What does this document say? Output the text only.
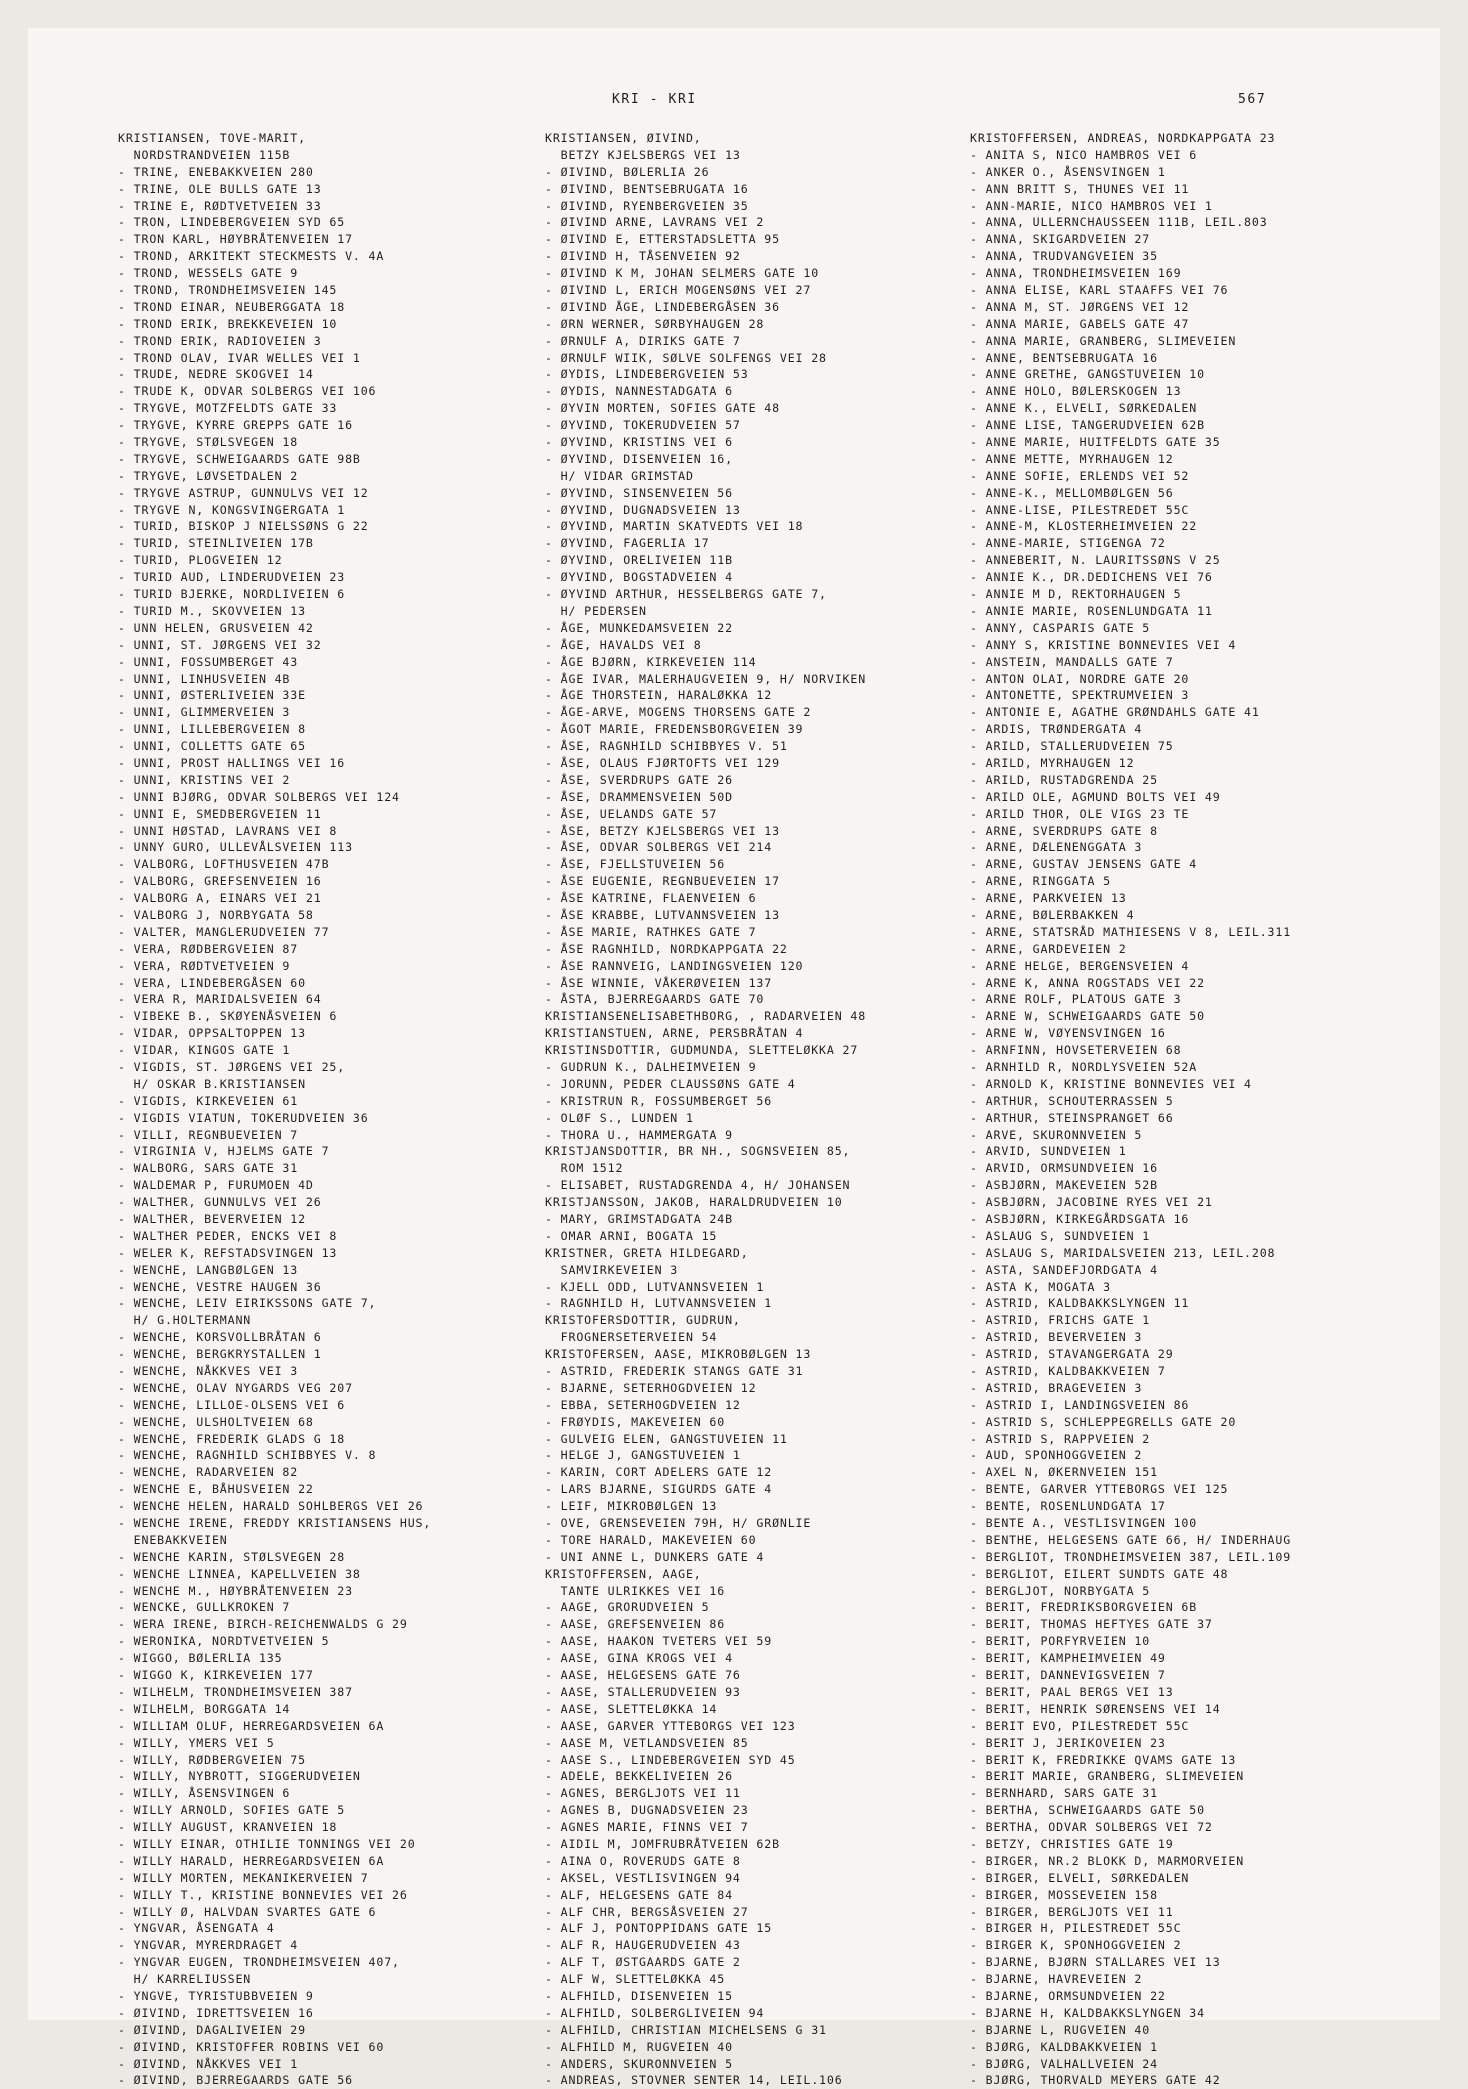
KRI - KRI	567
KRISTIANSEN, TOVE-MARIT,
NORDSTRANDVEIEN 115B
- TRINE, ENEBAKKVEIEN 280
- TRINE, OLE BULLS GATE 13
- TRINE E, RØDTVETVEIEN 33
- TRON, LINDEBERGVEIEN SYD 65
- TRON KARL, HØYBRÅTENVEIEN 17
- TROND, ARKITEKT STECKMESTS V. 4A
- TROND, WESSELS GATE 9
- TROND, TRONDHEIMSVEIEN 145
- TROND EINAR, NEUBERGGATA 18
- TROND ERIK, BREKKEVEIEN 10
- TROND ERIK, RADIOVEIEN 3
- TROND OLAV, IVAR WELLES VEI 1
- TRUDE, NEDRE SKOGVEI 14
- TRUDE K, ODVAR SOLBERGS VEI 106
- TRYGVE, MOTZFELDTS GATE 33
- TRYGVE, KYRRE GREPPS GATE 16
- TRYGVE, STØLSVEGEN 18
- TRYGVE, SCHWEIGAARDS GATE 98B
- TRYGVE, LØVSETDALEN 2
- TRYGVE ASTRUP, GUNNULVS VEI 12
- TRYGVE N, KONGSVINGERGATA 1
- TURID, BISKOP J NIELSSØNS G 22
- TURID, STEINLIVEIEN 17B
- TURID, PLOGVEIEN 12
- TURID AUD, LINDERUDVEIEN 23
- TURID BJERKE, NORDLIVEIEN 6
- TURID M., SKOVVEIEN 13
- UNN HELEN, GRUSVEIEN 42
- UNNI, ST. JØRGENS VEI 32
- UNNI, FOSSUMBERGET 43
- UNNI, LINHUSVEIEN 4B
- UNNI, ØSTERLIVEIEN 33E
- UNNI, GLIMMERVEIEN 3
- UNNI, LILLEBERGVEIEN 8
- UNNI, COLLETTS GATE 65
- UNNI, PROST HALLINGS VEI 16
- UNNI, KRISTINS VEI 2
- UNNI BJØRG, ODVAR SOLBERGS VEI 124
- UNNI E, SMEDBERGVEIEN 11
- UNNI HØSTAD, LAVRANS VEI 8
- UNNY GURO, ULLEVÅLSVEIEN 113
- VALBORG, LOFTHUSVEIEN 47B
- VALBORG, GREFSENVEIEN 16
- VALBORG A, EINARS VEI 21
- VALBORG J, NORBYGATA 58
- VALTER, MANGLERUDVEIEN 77
- VERA, RØDBERGVEIEN 87
- VERA, RØDTVETVEIEN 9
- VERA, LINDEBERGÅSEN 60
- VERA R, MARIDALSVEIEN 64
- VIBEKE B., SKØYENÅSVEIEN 6
- VIDAR, OPPSALTOPPEN 13
- VIDAR, KINGOS GATE 1
- VIGDIS, ST. JØRGENS VEI 25,
H/ OSKAR B.KRISTIANSEN
- VIGDIS, KIRKEVEIEN 61
- VIGDIS VIATUN, TOKERUDVEIEN 36
- VILLI, REGNBUEVEIEN 7
- VIRGINIA V, HJELMS GATE 7
- WALBORG, SARS GATE 31
- WALDEMAR P, FURUMOEN 4D
- WALTHER, GUNNULVS VEI 26
- WALTHER, BEVERVEIEN 12
- WALTHER PEDER, ENCKS VEI 8
- WELER K, REFSTADSVINGEN 13
- WENCHE, LANGBØLGEN 13
- WENCHE, VESTRE HAUGEN 36
- WENCHE, LEIV EIRIKSSONS GATE 7,
H/ G.HOLTERMANN
- WENCHE, KORSVOLLBRÅTAN 6
- WENCHE, BERGKRYSTALLEN 1
- WENCHE, NÅKKVES VEI 3
- WENCHE, OLAV NYGARDS VEG 207
- WENCHE, LILLOE-OLSENS VEI 6
- WENCHE, ULSHOLTVEIEN 68
- WENCHE, FREDERIK GLADS G 18
- WENCHE, RAGNHILD SCHIBBYES V. 8
- WENCHE, RADARVEIEN 82
- WENCHE E, BÅHUSVEIEN 22
- WENCHE HELEN, HARALD SOHLBERGS VEI 26
- WENCHE IRENE, FREDDY KRISTIANSENS HUS,
ENEBAKKVEIEN
- WENCHE KARIN, STØLSVEGEN 28
- WENCHE LINNEA, KAPELLVEIEN 38
- WENCHE M., HØYBRÅTENVEIEN 23
- WENCKE, GULLKROKEN 7
- WERA IRENE, BIRCH-REICHENWALDS G 29
- WERONIKA, NORDTVETVEIEN 5
- WIGGO, BØLERLIA 135
- WIGGO K, KIRKEVEIEN 177
- WILHELM, TRONDHEIMSVEIEN 387
- WILHELM, BORGGATA 14
- WILLIAM OLUF, HERREGARDSVEIEN 6A
- WILLY, YMERS VEI 5
- WILLY, RØDBERGVEIEN 75
- WILLY, NYBROTT, SIGGERUDVEIEN
- WILLY, ÅSENSVINGEN 6
- WILLY ARNOLD, SOFIES GATE 5
- WILLY AUGUST, KRANVEIEN 18
- WILLY EINAR, OTHILIE TONNINGS VEI 20
- WILLY HARALD, HERREGARDSVEIEN 6A
- WILLY MORTEN, MEKANIKERVEIEN 7
- WILLY T., KRISTINE BONNEVIES VEI 26
- WILLY Ø, HALVDAN SVARTES GATE 6
- YNGVAR, ÅSENGATA 4
- YNGVAR, MYRERDRAGET 4
- YNGVAR EUGEN, TRONDHEIMSVEIEN 407,
H/ KARRELIUSSEN
- YNGVE, TYRISTUBBVEIEN 9
- ØIVIND, IDRETTSVEIEN 16
- ØIVIND, DAGALIVEIEN 29
- ØIVIND, KRISTOFFER ROBINS VEI 60
- ØIVIND, NÅKKVES VEI 1
- ØIVIND, BJERREGAARDS GATE 56
KRISTIANSEN, ØIVIND,
BETZY KJELSBERGS VEI 13
- ØIVIND, BØLERLIA 26
- ØIVIND, BENTSEBRUGATA 16
- ØIVIND, RYENBERGVEIEN 35
- ØIVIND ARNE, LAVRANS VEI 2
- ØIVIND E, ETTERSTADSLETTA 95
- ØIVIND H, TÅSENVEIEN 92
- ØIVIND K M, JOHAN SELMERS GATE 10
- ØIVIND L, ERICH MOGENSØNS VEI 27
- ØIVIND ÅGE, LINDEBERGÅSEN 36
- ØRN WERNER, SØRBYHAUGEN 28
- ØRNULF A, DIRIKS GATE 7
- ØRNULF WIIK, SØLVE SOLFENGS VEI 28
- ØYDIS, LINDEBERGVEIEN 53
- ØYDIS, NANNESTADGATA 6
- ØYVIN MORTEN, SOFIES GATE 48
- ØYVIND, TOKERUDVEIEN 57
- ØYVIND, KRISTINS VEI 6
- ØYVIND, DISENVEIEN 16,
H/ VIDAR GRIMSTAD
- ØYVIND, SINSENVEIEN 56
- ØYVIND, DUGNADSVEIEN 13
- ØYVIND, MARTIN SKATVEDTS VEI 18
- ØYVIND, FAGERLIA 17
- ØYVIND, ORELIVEIEN 11B
- ØYVIND, BOGSTADVEIEN 4
- ØYVIND ARTHUR, HESSELBERGS GATE 7,
H/ PEDERSEN
- ÅGE, MUNKEDAMSVEIEN 22
- ÅGE, HAVALDS VEI 8
- ÅGE BJØRN, KIRKEVEIEN 114
- ÅGE IVAR, MALERHAUGVEIEN 9, H/ NORVIKEN
- ÅGE THORSTEIN, HARALØKKA 12
- ÅGE-ARVE, MOGENS THORSENS GATE 2
- ÅGOT MARIE, FREDENSBORGVEIEN 39
- ÅSE, RAGNHILD SCHIBBYES V. 51
- ÅSE, OLAUS FJØRTOFTS VEI 129
- ÅSE, SVERDRUPS GATE 26
- ÅSE, DRAMMENSVEIEN 50D
- ÅSE, UELANDS GATE 57
- ÅSE, BETZY KJELSBERGS VEI 13
- ÅSE, ODVAR SOLBERGS VEI 214
- ÅSE, FJELLSTUVEIEN 56
- ÅSE EUGENIE, REGNBUEVEIEN 17
- ÅSE KATRINE, FLAENVEIEN 6
- ÅSE KRABBE, LUTVANNSVEIEN 13
- ÅSE MARIE, RATHKES GATE 7
- ÅSE RAGNHILD, NORDKAPPGATA 22
- ÅSE RANNVEIG, LANDINGSVEIEN 120
- ÅSE WINNIE, VÅKERØVEIEN 137
- ÅSTA, BJERREGAARDS GATE 70
KRISTIANSENELISABETHBORG, , RADARVEIEN 48
KRISTIANSTUEN, ARNE, PERSBRÅTAN 4
KRISTINSDOTTIR, GUDMUNDA, SLETTELØKKA 27
- GUDRUN K., DALHEIMVEIEN 9
- JORUNN, PEDER CLAUSSØNS GATE 4
- KRISTRUN R, FOSSUMBERGET 56
- OLØF S., LUNDEN 1
- THORA U., HAMMERGATA 9
KRISTJANSDOTTIR, BR NH., SOGNSVEIEN 85,
ROM 1512
- ELISABET, RUSTADGRENDA 4, H/ JOHANSEN
KRISTJANSSON, JAKOB, HARALDRUDVEIEN 10
- MARY, GRIMSTADGATA 24B
- OMAR ARNI, BOGATA 15
KRISTNER, GRETA HILDEGARD,
SAMVIRKEVEIEN 3
- KJELL ODD, LUTVANNSVEIEN 1
- RAGNHILD H, LUTVANNSVEIEN 1
KRISTOFERSDOTTIR, GUDRUN,
FROGNERSETERVEIEN 54
KRISTOFERSEN, AASE, MIKROBØLGEN 13
- ASTRID, FREDERIK STANGS GATE 31
- BJARNE, SETERHOGDVEIEN 12
- EBBA, SETERHOGDVEIEN 12
- FRØYDIS, MAKEVEIEN 60
- GULVEIG ELEN, GANGSTUVEIEN 11
- HELGE J, GANGSTUVEIEN 1
- KARIN, CORT ADELERS GATE 12
- LARS BJARNE, SIGURDS GATE 4
- LEIF, MIKROBØLGEN 13
- OVE, GRENSEVEIEN 79H, H/ GRØNLIE
- TORE HARALD, MAKEVEIEN 60
- UNI ANNE L, DUNKERS GATE 4
KRISTOFFERSEN, AAGE,
TANTE ULRIKKES VEI 16
- AAGE, GRORUDVEIEN 5
- AASE, GREFSENVEIEN 86
- AASE, HAAKON TVETERS VEI 59
- AASE, GINA KROGS VEI 4
- AASE, HELGESENS GATE 76
- AASE, STALLERUDVEIEN 93
- AASE, SLETTELØKKA 14
- AASE, GARVER YTTEBORGS VEI 123
- AASE M, VETLANDSVEIEN 85
- AASE S., LINDEBERGVEIEN SYD 45
- ADELE, BEKKELIVEIEN 26
- AGNES, BERGLJOTS VEI 11
- AGNES B, DUGNADSVEIEN 23
- AGNES MARIE, FINNS VEI 7
- AIDIL M, JOMFRUBRÅTVEIEN 62B
- AINA O, ROVERUDS GATE 8
- AKSEL, VESTLISVINGEN 94
- ALF, HELGESENS GATE 84
- ALF CHR, BERGSÅSVEIEN 27
- ALF J, PONTOPPIDANS GATE 15
- ALF R, HAUGERUDVEIEN 43
- ALF T, ØSTGAARDS GATE 2
- ALF W, SLETTELØKKA 45
- ALFHILD, DISENVEIEN 15
- ALFHILD, SOLBERGLIVEIEN 94
- ALFHILD, CHRISTIAN MICHELSENS G 31
- ALFHILD M, RUGVEIEN 40
- ANDERS, SKURONNVEIEN 5
- ANDREAS, STOVNER SENTER 14, LEIL.106
KRISTOFFERSEN, ANDREAS, NORDKAPPGATA 23
- ANITA S, NICO HAMBROS VEI 6
- ANKER O., ÅSENSVINGEN 1
- ANN BRITT S, THUNES VEI 11
- ANN-MARIE, NICO HAMBROS VEI 1
- ANNA, ULLERNCHAUSSEEN 111B, LEIL.803
- ANNA, SKIGARDVEIEN 27
- ANNA, TRUDVANGVEIEN 35
- ANNA, TRONDHEIMSVEIEN 169
- ANNA ELISE, KARL STAAFFS VEI 76
- ANNA M, ST. JØRGENS VEI 12
- ANNA MARIE, GABELS GATE 47
- ANNA MARIE, GRANBERG, SLIMEVEIEN
- ANNE, BENTSEBRUGATA 16
- ANNE GRETHE, GANGSTUVEIEN 10
- ANNE HOLO, BØLERSKOGEN 13
- ANNE K., ELVELI, SØRKEDALEN
- ANNE LISE, TANGERUDVEIEN 62B
- ANNE MARIE, HUITFELDTS GATE 35
- ANNE METTE, MYRHAUGEN 12
- ANNE SOFIE, ERLENDS VEI 52
- ANNE-K., MELLOMBØLGEN 56
- ANNE-LISE, PILESTREDET 55C
- ANNE-M, KLOSTERHEIMVEIEN 22
- ANNE-MARIE, STIGENGA 72
- ANNEBERIT, N. LAURITSSØNS V 25
- ANNIE K., DR.DEDICHENS VEI 76
- ANNIE M D, REKTORHAUGEN 5
- ANNIE MARIE, ROSENLUNDGATA 11
- ANNY, CASPARIS GATE 5
- ANNY S, KRISTINE BONNEVIES VEI 4
- ANSTEIN, MANDALLS GATE 7
- ANTON OLAI, NORDRE GATE 20
- ANTONETTE, SPEKTRUMVEIEN 3
- ANTONIE E, AGATHE GRØNDAHLS GATE 41
- ARDIS, TRØNDERGATA 4
- ARILD, STALLERUDVEIEN 75
- ARILD, MYRHAUGEN 12
- ARILD, RUSTADGRENDA 25
- ARILD OLE, AGMUND BOLTS VEI 49
- ARILD THOR, OLE VIGS 23 TE
- ARNE, SVERDRUPS GATE 8
- ARNE, DÆLENENGGATA 3
- ARNE, GUSTAV JENSENS GATE 4
- ARNE, RINGGATA 5
- ARNE, PARKVEIEN 13
- ARNE, BØLERBAKKEN 4
- ARNE, STATSRÅD MATHIESENS V 8, LEIL.311
- ARNE, GARDEVEIEN 2
- ARNE HELGE, BERGENSVEIEN 4
- ARNE K, ANNA ROGSTADS VEI 22
- ARNE ROLF, PLATOUS GATE 3
- ARNE W, SCHWEIGAARDS GATE 50
- ARNE W, VØYENSVINGEN 16
- ARNFINN, HOVSETERVEIEN 68
- ARNHILD R, NORDLYSVEIEN 52A
- ARNOLD K, KRISTINE BONNEVIES VEI 4
- ARTHUR, SCHOUTERRASSEN 5
- ARTHUR, STEINSPRANGET 66
- ARVE, SKURONNVEIEN 5
- ARVID, SUNDVEIEN 1
- ARVID, ORMSUNDVEIEN 16
- ASBJØRN, MAKEVEIEN 52B
- ASBJØRN, JACOBINE RYES VEI 21
- ASBJØRN, KIRKEGÅRDSGATA 16
- ASLAUG S, SUNDVEIEN 1
- ASLAUG S, MARIDALSVEIEN 213, LEIL.208
- ASTA, SANDEFJORDGATA 4
- ASTA K, MOGATA 3
- ASTRID, KALDBAKKSLYNGEN 11
- ASTRID, FRICHS GATE 1
- ASTRID, BEVERVEIEN 3
- ASTRID, STAVANGERGATA 29
- ASTRID, KALDBAKKVEIEN 7
- ASTRID, BRAGEVEIEN 3
- ASTRID I, LANDINGSVEIEN 86
- ASTRID S, SCHLEPPEGRELLS GATE 20
- ASTRID S, RAPPVEIEN 2
- AUD, SPONHOGGVEIEN 2
- AXEL N, ØKERNVEIEN 151
- BENTE, GARVER YTTEBORGS VEI 125
- BENTE, ROSENLUNDGATA 17
- BENTE A., VESTLISVINGEN 100
- BENTHE, HELGESENS GATE 66, H/ INDERHAUG
- BERGLIOT, TRONDHEIMSVEIEN 387, LEIL.109
- BERGLIOT, EILERT SUNDTS GATE 48
- BERGLJOT, NORBYGATA 5
- BERIT, FREDRIKSBORGVEIEN 6B
- BERIT, THOMAS HEFTYES GATE 37
- BERIT, PORFYRVEIEN 10
- BERIT, KAMPHEIMVEIEN 49
- BERIT, DANNEVIGSVEIEN 7
- BERIT, PAAL BERGS VEI 13
- BERIT, HENRIK SØRENSENS VEI 14
- BERIT EVO, PILESTREDET 55C
- BERIT J, JERIKOVEIEN 23
- BERIT K, FREDRIKKE QVAMS GATE 13
- BERIT MARIE, GRANBERG, SLIMEVEIEN
- BERNHARD, SARS GATE 31
- BERTHA, SCHWEIGAARDS GATE 50
- BERTHA, ODVAR SOLBERGS VEI 72
- BETZY, CHRISTIES GATE 19
- BIRGER, NR.2 BLOKK D, MARMORVEIEN
- BIRGER, ELVELI, SØRKEDALEN
- BIRGER, MOSSEVEIEN 158
- BIRGER, BERGLJOTS VEI 11
- BIRGER H, PILESTREDET 55C
- BIRGER K, SPONHOGGVEIEN 2
- BJARNE, BJØRN STALLARES VEI 13
- BJARNE, HAVREVEIEN 2
- BJARNE, ORMSUNDVEIEN 22
- BJARNE H, KALDBAKKSLYNGEN 34
- BJARNE L, RUGVEIEN 40
- BJØRG, KALDBAKKVEIEN 1
- BJØRG, VALHALLVEIEN 24
- BJØRG, THORVALD MEYERS GATE 42
